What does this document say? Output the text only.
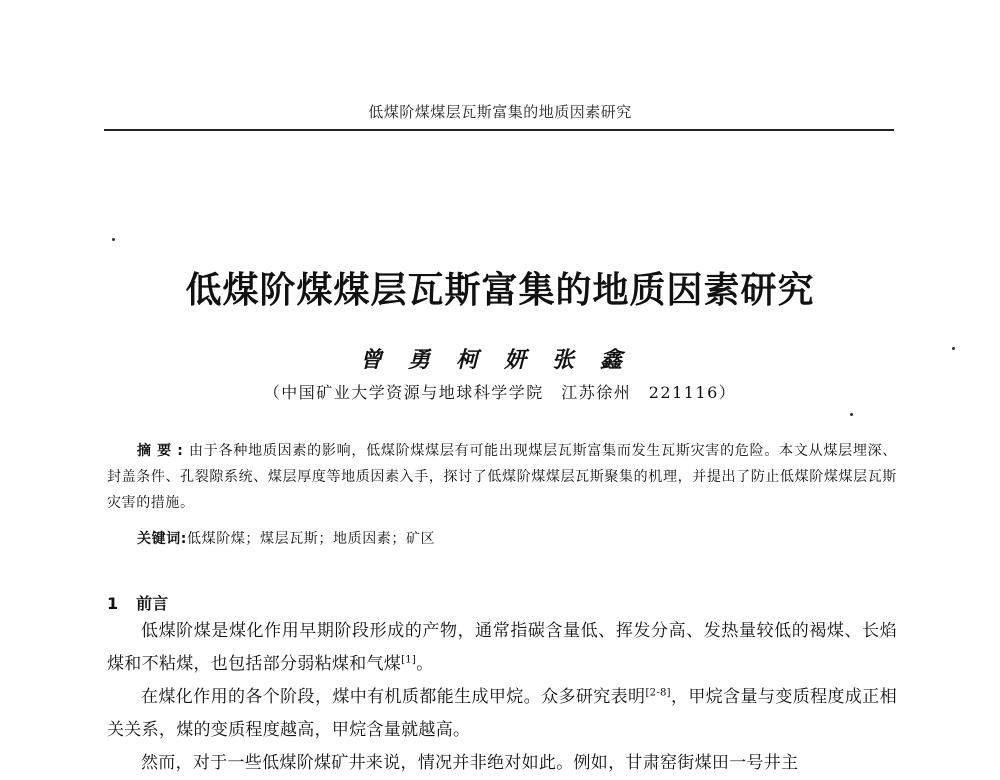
低煤阶煤煤层瓦斯富集的地质因素研究
低煤阶煤煤层瓦斯富集的地质因素研究
曾勇柯妍张鑫
（中国矿业大学资源与地球科学学院　江苏徐州　221116）
摘要:由于各种地质因素的影响，低煤阶煤煤层有可能出现煤层瓦斯富集而发生瓦斯灾害的危险。本文从煤层埋深、封盖条件、孔裂隙系统、煤层厚度等地质因素入手，探讨了低煤阶煤煤层瓦斯聚集的机理，并提出了防止低煤阶煤煤层瓦斯灾害的措施。
关键词:低煤阶煤；煤层瓦斯；地质因素；矿区
1 前言

低煤阶煤是煤化作用早期阶段形成的产物，通常指碳含量低、挥发分高、发热量较低的褐煤、长焰煤和不粘煤，也包括部分弱粘煤和气煤[1]。

在煤化作用的各个阶段，煤中有机质都能生成甲烷。众多研究表明[2-8]，甲烷含量与变质程度成正相关关系，煤的变质程度越高，甲烷含量就越高。

然而，对于一些低煤阶煤矿井来说，情况并非绝对如此。例如，甘肃窑街煤田一号井主
